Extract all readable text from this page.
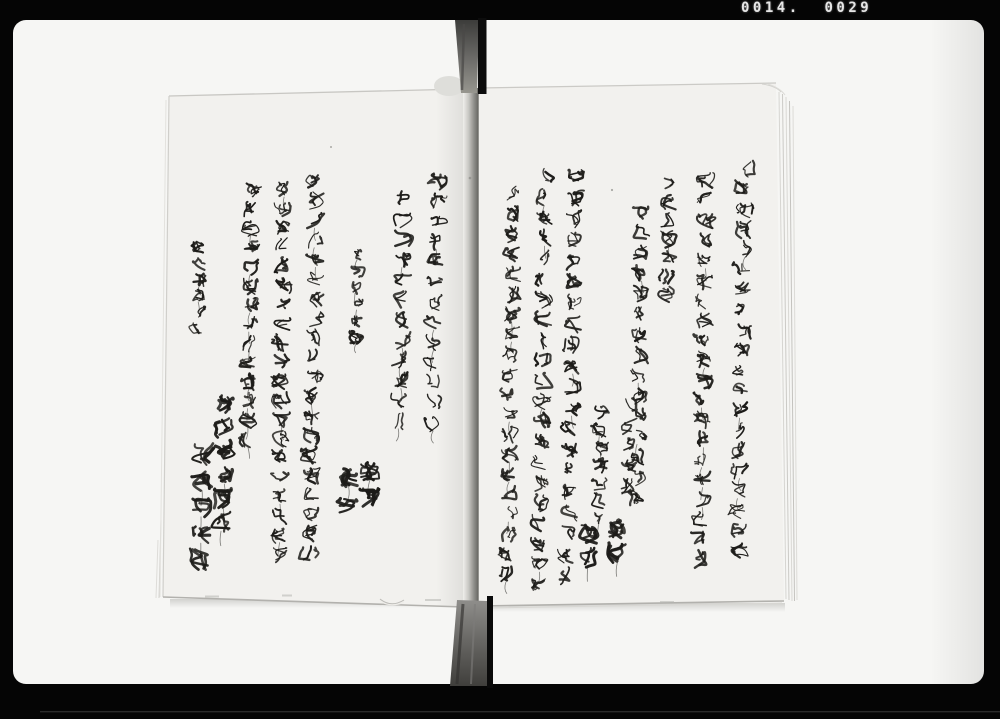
0014.  0029
